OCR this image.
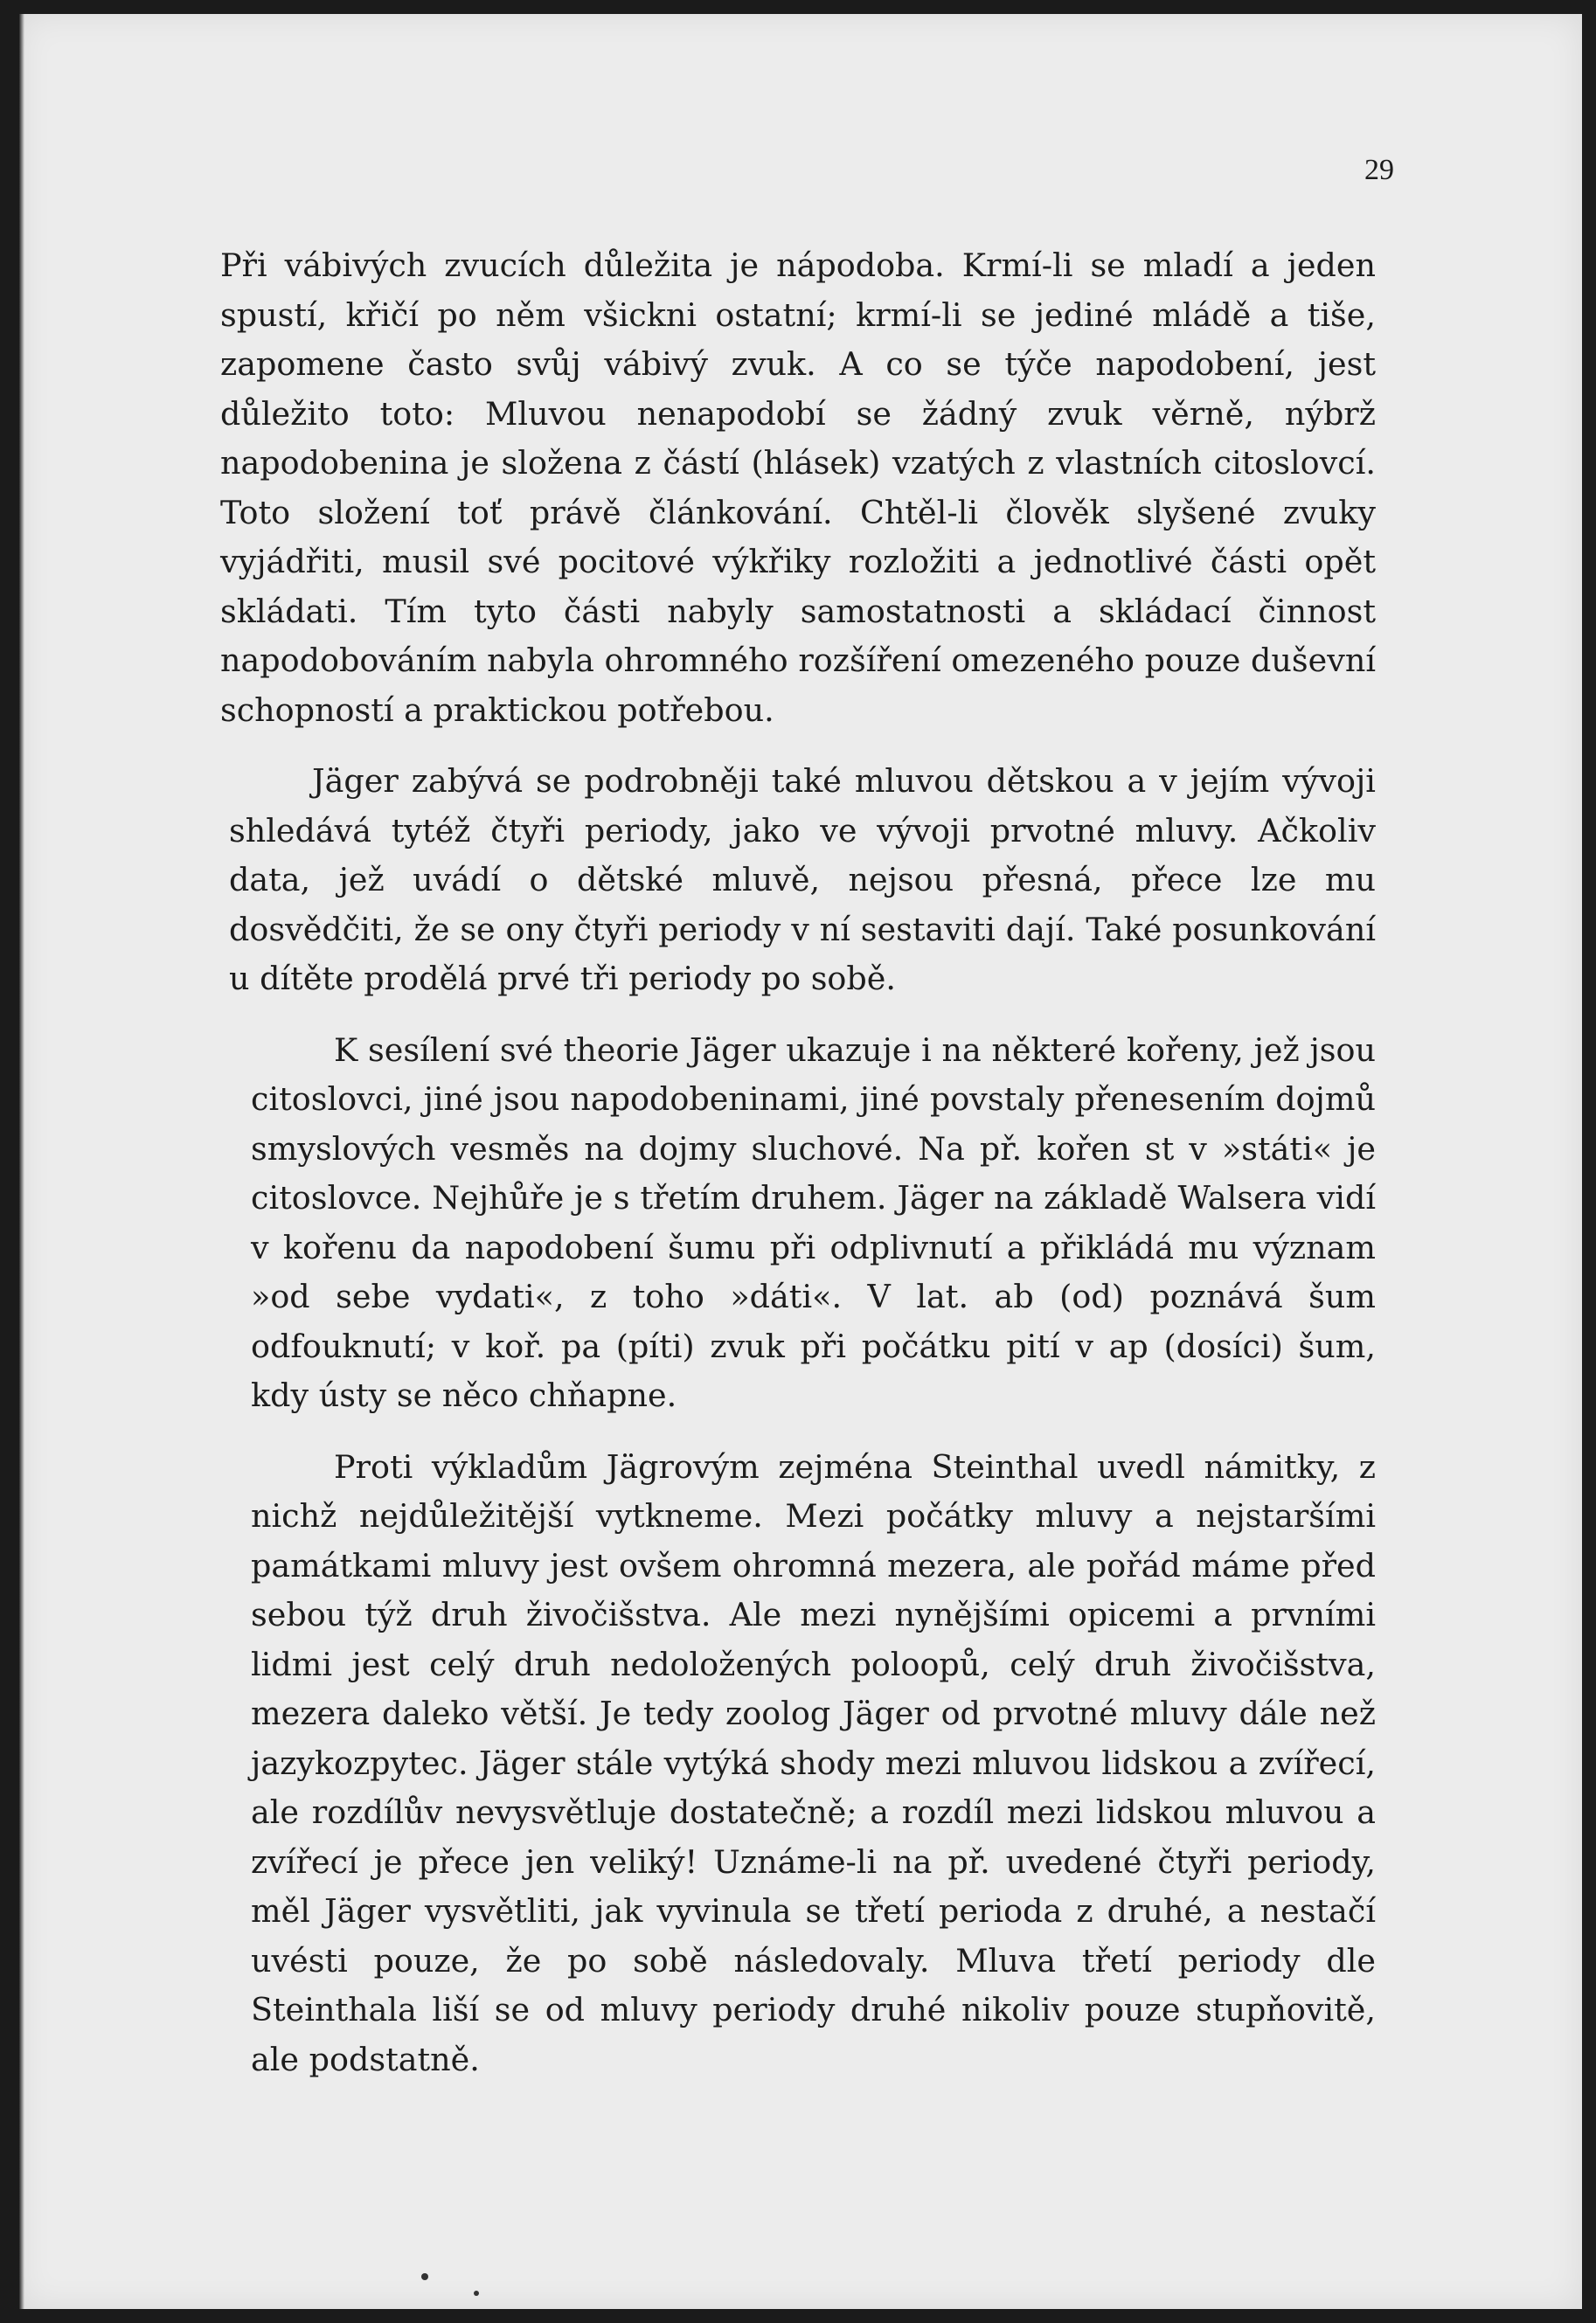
29

Při vábivých zvucích důležita je nápodoba. Krmí-li se mladí a jeden spustí, křičí po něm všickni ostatní; krmí-li se jediné mládě a tiše, zapomene často svůj vábivý zvuk. A co se týče napodobení, jest důležito toto: Mluvou nenapodobí se žádný zvuk věrně, nýbrž napodobenina je složena z částí (hlásek) vzatých z vlastních citoslovcí. Toto složení toť právě článkování. Chtěl-li člověk slyšené zvuky vyjádřiti, musil své pocitové výkřiky rozložiti a jednotlivé části opět skládati. Tím tyto části nabyly samostatnosti a skládací činnost napodobováním nabyla ohromného rozšíření omezeného pouze duševní schopností a praktickou potřebou.

Jäger zabývá se podrobněji také mluvou dětskou a v jejím vývoji shledává tytéž čtyři periody, jako ve vývoji prvotné mluvy. Ačkoliv data, jež uvádí o dětské mluvě, nejsou přesná, přece lze mu dosvědčiti, že se ony čtyři periody v ní sestaviti dají. Také posunkování u dítěte prodělá prvé tři periody po sobě.

K sesílení své theorie Jäger ukazuje i na některé kořeny, jež jsou citoslovci, jiné jsou napodobeninami, jiné povstaly přenesením dojmů smyslových vesměs na dojmy sluchové. Na př. kořen st v »státi« je citoslovce. Nejhůře je s třetím druhem. Jäger na základě Walsera vidí v kořenu da napodobení šumu při odplivnutí a přikládá mu význam »od sebe vydati«, z toho »dáti«. V lat. ab (od) poznává šum odfouknutí; v koř. pa (píti) zvuk při počátku pití v ap (dosíci) šum, kdy ústy se něco chňapne.

Proti výkladům Jägrovým zejména Steinthal uvedl námitky, z nichž nejdůležitější vytkneme. Mezi počátky mluvy a nejstaršími památkami mluvy jest ovšem ohromná mezera, ale pořád máme před sebou týž druh živočišstva. Ale mezi nynějšími opicemi a prvními lidmi jest celý druh nedoložených poloopů, celý druh živočišstva, mezera daleko větší. Je tedy zoolog Jäger od prvotné mluvy dále než jazykozpytec. Jäger stále vytýká shody mezi mluvou lidskou a zvířecí, ale rozdílův nevysvětluje dostatečně; a rozdíl mezi lidskou mluvou a zvířecí je přece jen veliký! Uznáme-li na př. uvedené čtyři periody, měl Jäger vysvětliti, jak vyvinula se třetí perioda z druhé, a nestačí uvésti pouze, že po sobě následovaly. Mluva třetí periody dle Steinthala liší se od mluvy periody druhé nikoliv pouze stupňovitě, ale podstatně.
